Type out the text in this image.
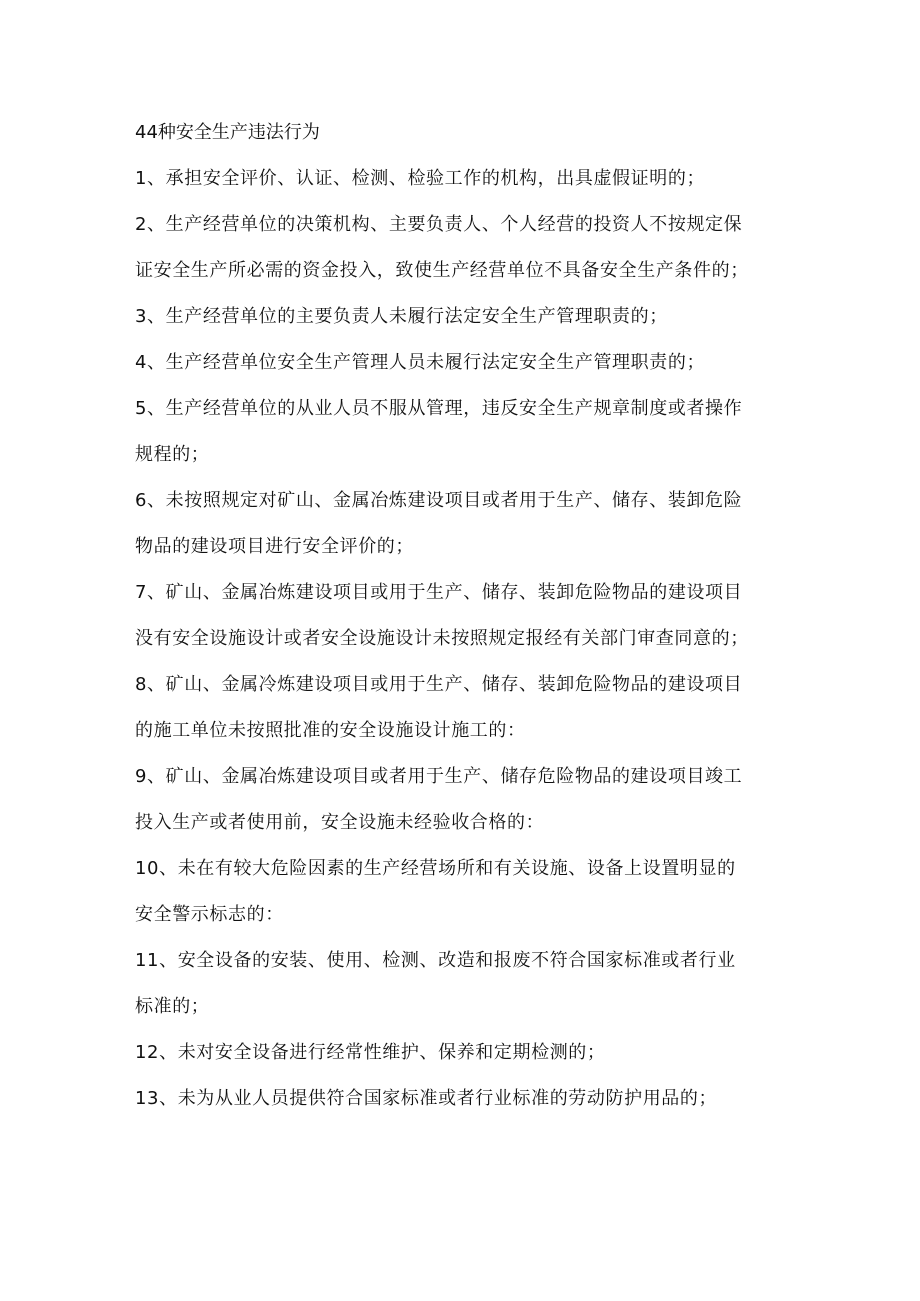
44种安全生产违法行为
1、承担安全评价、认证、检测、检验工作的机构，出具虚假证明的；
2、生产经营单位的决策机构、主要负责人、个人经营的投资人不按规定保
证安全生产所必需的资金投入，致使生产经营单位不具备安全生产条件的；
3、生产经营单位的主要负责人未履行法定安全生产管理职责的；
4、生产经营单位安全生产管理人员未履行法定安全生产管理职责的；
5、生产经营单位的从业人员不服从管理，违反安全生产规章制度或者操作
规程的；
6、未按照规定对矿山、金属冶炼建设项目或者用于生产、储存、装卸危险
物品的建设项目进行安全评价的；
7、矿山、金属冶炼建设项目或用于生产、储存、装卸危险物品的建设项目
没有安全设施设计或者安全设施设计未按照规定报经有关部门审查同意的；
8、矿山、金属冷炼建设项目或用于生产、储存、装卸危险物品的建设项目
的施工单位未按照批准的安全设施设计施工的：
9、矿山、金属冶炼建设项目或者用于生产、储存危险物品的建设项目竣工
投入生产或者使用前，安全设施未经验收合格的：
10、未在有较大危险因素的生产经营场所和有关设施、设备上设置明显的
安全警示标志的：
11、安全设备的安装、使用、检测、改造和报废不符合国家标准或者行业
标准的；
12、未对安全设备进行经常性维护、保养和定期检测的；
13、未为从业人员提供符合国家标准或者行业标准的劳动防护用品的；
